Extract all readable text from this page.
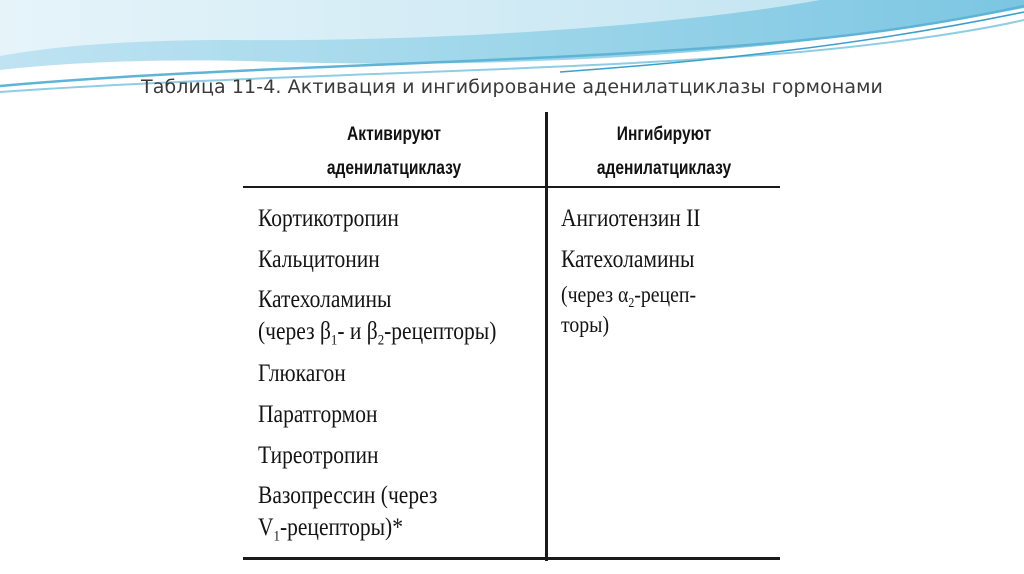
Таблица 11-4. Активация и ингибирование аденилатциклазы гормонами
Активируют
аденилатциклазу
Ингибируют
аденилатциклазу
Кортикотропин
Кальцитонин
Катехоламины
(через $\beta_1-$ и $\beta_2-рецепторы$)
Глюкагон
Паратгормон
Тиреотропин
Вазопрессин (через
$V_1-рецепторы)*$
Ангиотензин II
Катехоламины
(через $\alpha_2-рецеп-$
торы)
